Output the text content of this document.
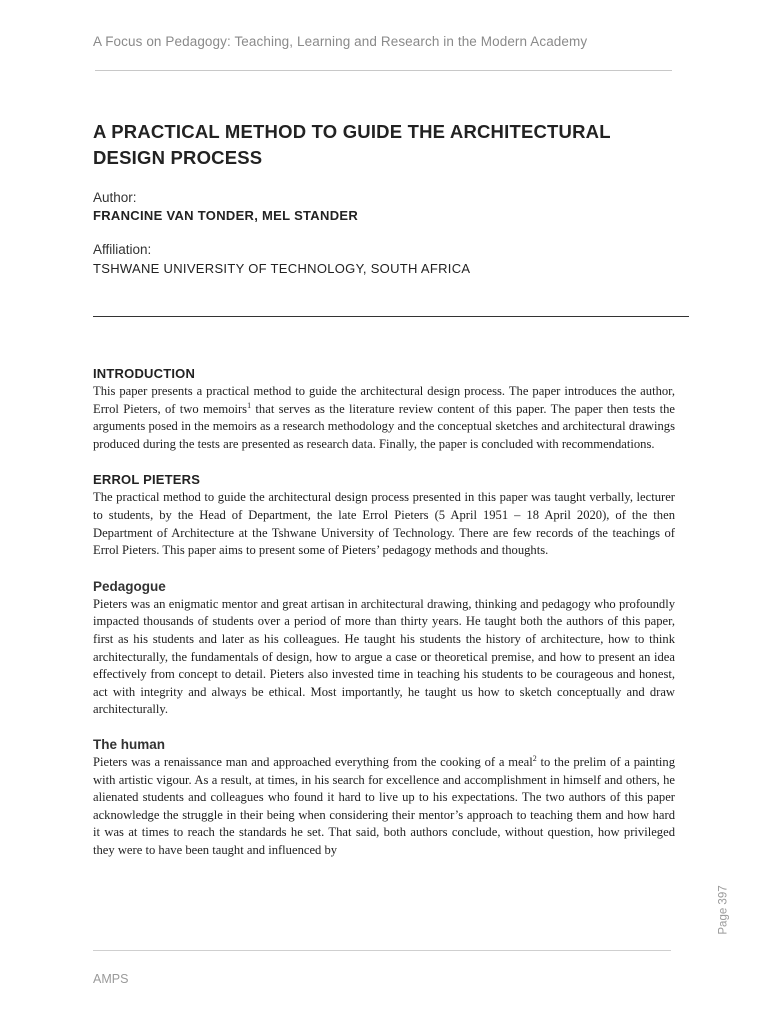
A Focus on Pedagogy: Teaching, Learning and Research in the Modern Academy
A PRACTICAL METHOD TO GUIDE THE ARCHITECTURAL DESIGN PROCESS
Author:
FRANCINE VAN TONDER, MEL STANDER
Affiliation:
TSHWANE UNIVERSITY OF TECHNOLOGY, SOUTH AFRICA
INTRODUCTION

This paper presents a practical method to guide the architectural design process. The paper introduces the author, Errol Pieters, of two memoirs$^1$ that serves as the literature review content of this paper. The paper then tests the arguments posed in the memoirs as a research methodology and the conceptual sketches and architectural drawings produced during the tests are presented as research data. Finally, the paper is concluded with recommendations.

ERROL PIETERS

The practical method to guide the architectural design process presented in this paper was taught verbally, lecturer to students, by the Head of Department, the late Errol Pieters (5 April 1951 – 18 April 2020), of the then Department of Architecture at the Tshwane University of Technology. There are few records of the teachings of Errol Pieters. This paper aims to present some of Pieters’ pedagogy methods and thoughts.

Pedagogue

Pieters was an enigmatic mentor and great artisan in architectural drawing, thinking and pedagogy who profoundly impacted thousands of students over a period of more than thirty years. He taught both the authors of this paper, first as his students and later as his colleagues. He taught his students the history of architecture, how to think architecturally, the fundamentals of design, how to argue a case or theoretical premise, and how to present an idea effectively from concept to detail. Pieters also invested time in teaching his students to be courageous and honest, act with integrity and always be ethical. Most importantly, he taught us how to sketch conceptually and draw architecturally.

The human

Pieters was a renaissance man and approached everything from the cooking of a meal$^2$ to the prelim of a painting with artistic vigour. As a result, at times, in his search for excellence and accomplishment in himself and others, he alienated students and colleagues who found it hard to live up to his expectations. The two authors of this paper acknowledge the struggle in their being when considering their mentor’s approach to teaching them and how hard it was at times to reach the standards he set. That said, both authors conclude, without question, how privileged they were to have been taught and influenced by

Page 397
AMPS
